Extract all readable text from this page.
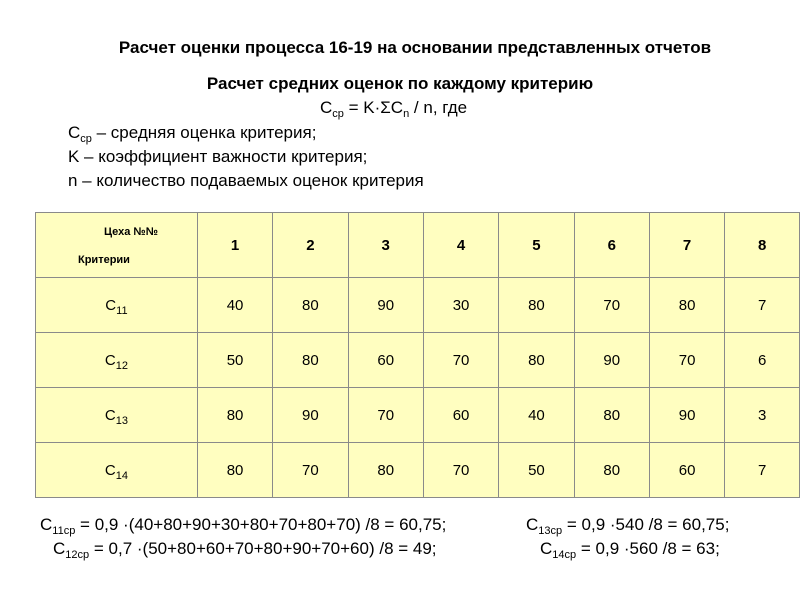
Расчет оценки процесса 16-19 на основании представленных отчетов
Расчет средних оценок по каждому критерию
$С_{ср} = K\cdot\Sigma C_n / n$, где
$С_{ср}$ – средняя оценка критерия;
K – коэффициент важности критерия;
n – количество подаваемых оценок критерия
Цеха №№
Критерии	1	2	3	4	5	6	7	8
$С_{11}$	40	80	90	30	80	70	80	7
$С_{12}$	50	80	60	70	80	90	70	6
$С_{13}$	80	90	70	60	40	80	90	3
$С_{14}$	80	70	80	70	50	80	60	7
$С_{11ср} = 0,9 \cdot(40+80+90+30+80+70+80+70) /8 = 60,75$;	$С_{13ср} = 0,9 \cdot 540$ /8 = 60,75;
$С_{12ср} = 0,7 \cdot(50+80+60+70+80+90+70+60) /8 = 49$;	$С_{14ср} = 0,9 \cdot 560$ /8 = 63;
